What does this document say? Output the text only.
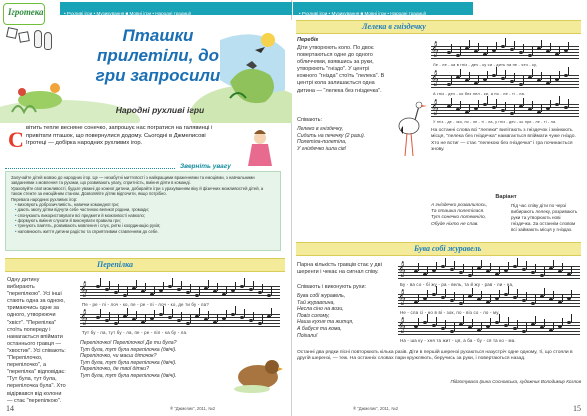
• Рухливі ігри • Музикування ■ Мовні ігри • Народні традиції
Ігротека
Пташки прилетіли, до гри запросили
Народні рухливі ігри
С вітить тепле весняне сонечко, запрошує нас погратися на галявинці і привітати пташок, що повернулися додому. Сьогодні в Джмелисові Ігротеці — добірка народних рухливих ігор.
Зверніть увагу

Залучайте дітей мовою до народних ігор. Це — незабутні миттєвості з найкращими враженнями та емоціями, з навчальними завданнями з мовлення та рухами, що розвивають увагу, спритність, вміння діяти в команді.

Ураховуйте свої можливості, будьте уважні до кожної дитини, добирайте ігри з урахуванням віку й фізичних можливостей дітей, а також стежте за емоційним станом. Дозволяйте дітям відпочити, якщо потрібно.

Перевага народних рухливих ігор:

• виховують доброзичливість, навички командної гри;
• дають змогу дітям відчути себе частиною великої родини, громади;
• спонукають використовувати всі предмети й можливості навколо;
• формують вміння слухати й виконувати правила гри;
• тренують пам'ять, розвивають мовлення і слух, ритм і координацію рухів;
• наповнюють життя дитини радістю та сприятливим ставленням до себе.
Перепілка
Одну дитину вибирають "перепілкою". Усі інші стають одна за одною, тримаючись одне за одного, утворюючи "хвіст". "Перепілка" стоїть попереду і намагається впіймати останнього гравця — "хвостик". Усі співають: "Перепілочко, перепілочко", а "перепілка" відповідає: "Тут була, тут була, перепілочка була". Хто відірвався від колони — стає "перепілкою".
𝄞
Пе - ре - пі - лоч - ко, пе - ре - пі - лоч - ко, де ти бу - ла?
𝄞
Тут бу - ла, тут бу - ла, пе - ре - піл - ка бу - ла.
Перепілочко! Перепілочко! Де ти була?
Тут була, тут була перепілочка (двічі).
Перепілочко, чи маєш діточок?
Тут була, тут була перепілочка (двічі).
Перепілочко, де твої дітки?
Тут була, тут була перепілочка (двічі).
14	® "Джмелик", 2011, №2
• Рухливі ігри • Музикування ■ Мовні ігри • Народні традиції
Лелека в гніздечку
Перебіг
Діти утворюють коло. По двоє повертаються одне до одного обличчями, взявшись за руки, утворюють "гніздо". У центрі кожного "гнізда" стоїть "лелека". В центрі кола залишається одна дитина — "лелека без гніздечка".
Співають:
Лелеко в гніздечку,
Сидить на печечку (2 рази).
Полетіла-полетіла,
У гніздечко ішла сів!
𝄞
Ле - ле - ка в гніз - деч - ку си - дить на пе - чеч - ку,
𝄞
А гніз - деч - ко без лел - ки, а по - ле - ті - ла.
𝄞
У гніз - де - чко, по - ле - ті - ла, у гніз - деч - ко при - ле - ті - ла.
На останні слова всі "лелеки" вилітають з гніздечок і змінюють місця, "лелека без гніздечка" намагається впіймати чуже гніздо. Хто не встиг — стає "лелекою без гніздечка" і гра починається знову.
Варіант
А гніздечко розвалилось,
Та пташка полетілася.
Тут сонечко потемніло,
Обуде ніхто не спав.
Під час співу діти по черзі вибирають лелеку, розривають руки та утворюють нові гніздечка. За останнім словом всі займають місця у гніздах.
Бува собі журавель
Парна кількість гравців стає у дві шеренги і чекає на сигнал співу.
Співають і виконують рухи:
Бува собі журавель,
Тай журавлина,
Несла сіно на вози,
Повіз солому,
Наша кухня та житця,
А бабуся та кома,
Поїхали!
𝄞
Бу - ва со - бі жу - ра - вель, та й жу - рав - ли - на,
𝄞
Не - сла сі - но в ві - зок, по - віз со - ло - му.
𝄞
На - ша ку - хня та жит - ця, а ба - бу - ся та ко - ма.
Останні два рядки пісні повторюють кілька разів. Діти в першій шерензі рухаються назустріч одне одному, ті, що стояли в другій шерензі, — теж. На останніх словах пари кружляють, беручись за руки, і повертаються назад.
Підготувала Ірина Сосновська, художник Володимир Козлов
® "Джмелик", 2011, №2	15
